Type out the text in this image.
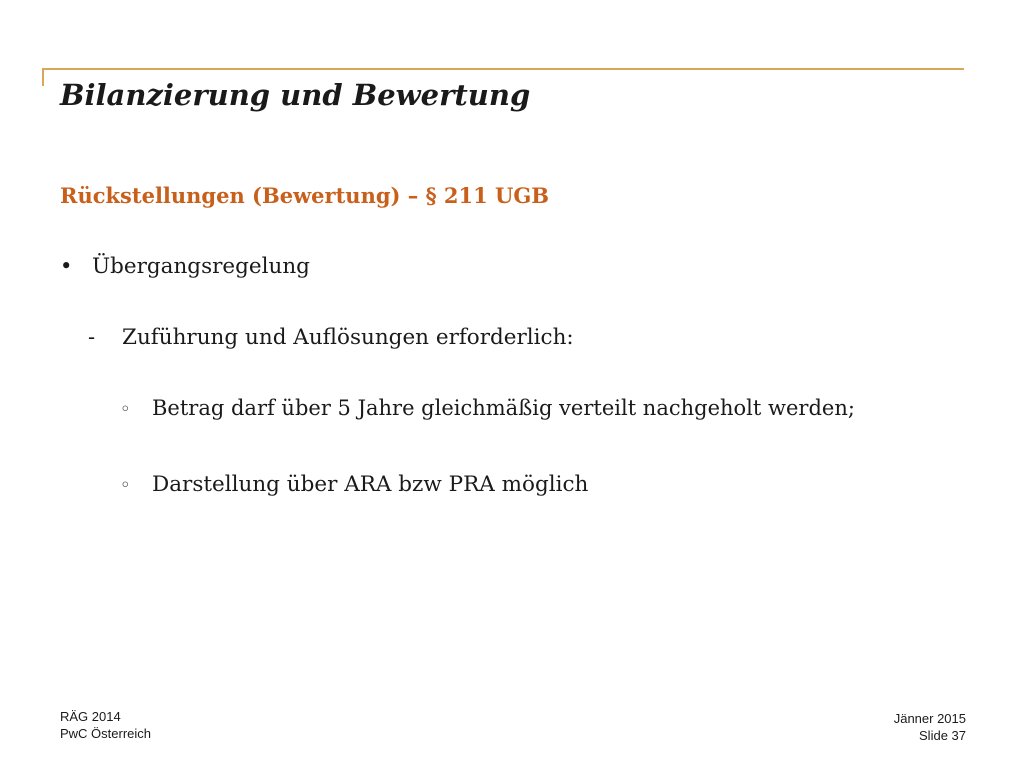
Bilanzierung und Bewertung
Rückstellungen (Bewertung) – § 211 UGB
• Übergangsregelung
- Zuführung und Auflösungen erforderlich:
◦ Betrag darf über 5 Jahre gleichmäßig verteilt nachgeholt werden;
◦ Darstellung über ARA bzw PRA möglich
RÄG 2014
PwC Österreich
Jänner 2015
Slide 37
